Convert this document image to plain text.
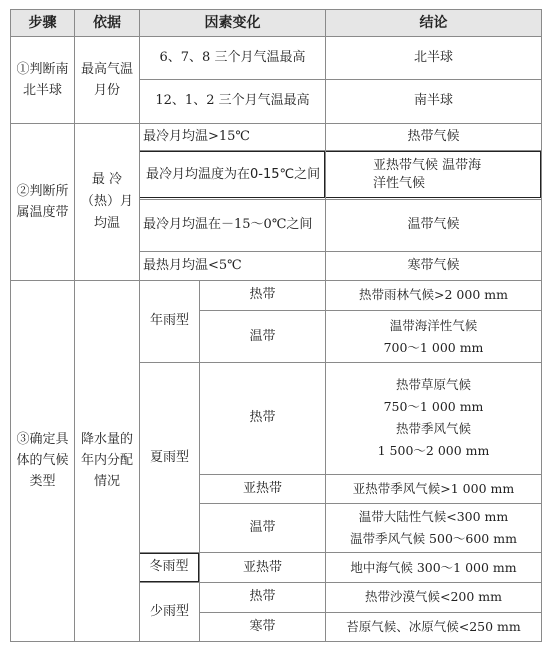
步骤	依据	因素变化		结论
①判断南北半球	最高气温月份	6、7、8 三个月气温最高		北半球
		12、1、2 三个月气温最高		南半球
②判断所属温度带	最 冷（热）月均温	最冷月均温>15℃		热带气候

		最冷月均温度为在0-15℃之间		亚热带气候 温带海洋性气候

		最冷月均温在－15～0℃之间		温带气候
		最热月均温<5℃		寒带气候
③确定具体的气候类型	降水量的年内分配情况	年雨型	热带	热带雨林气候>2 000 mm

			温带	温带海洋性气候
700～1 000 mm

		夏雨型	热带	热带草原气候
750～1 000 mm
热带季风气候
1 500～2 000 mm

			亚热带	亚热带季风气候>1 000 mm

			温带	温带大陆性气候<300 mm
温带季风气候 500～600 mm

		冬雨型	亚热带	地中海气候 300～1 000 mm

		少雨型	热带	热带沙漠气候<200 mm

			寒带	苔原气候、冰原气候<250 mm
